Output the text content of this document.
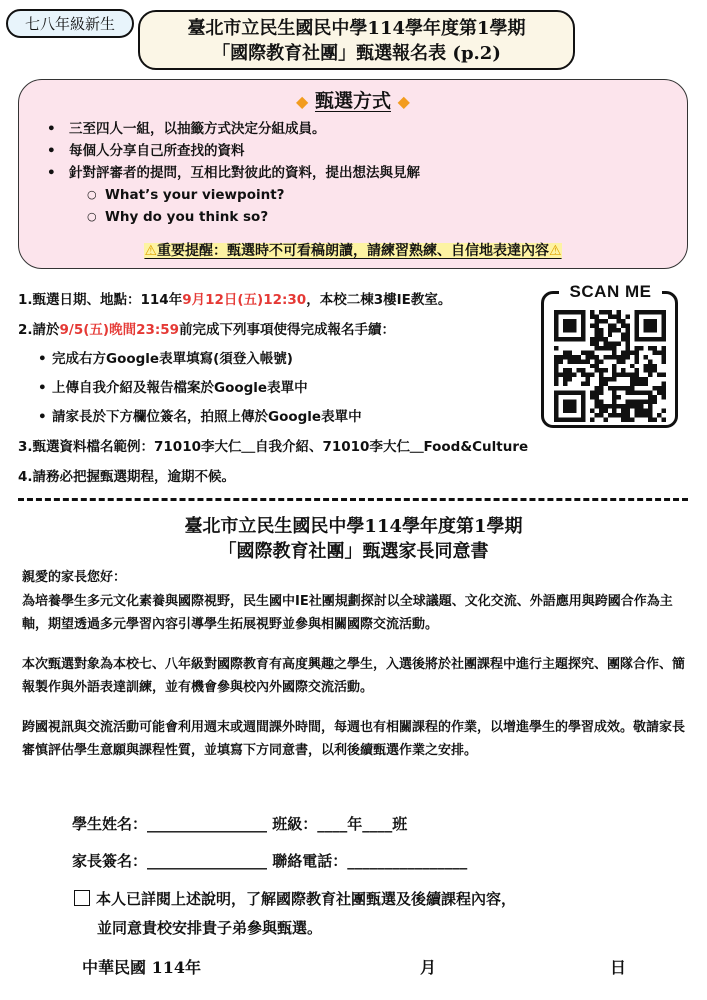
七八年級新生	臺北市立民生國民中學114學年度第1學期
「國際教育社團」甄選報名表 (p.2)
◆ 甄選方式 ◆
• 三至四人一組，以抽籤方式決定分組成員。
• 每個人分享自己所查找的資料
• 針對評審者的提問，互相比對彼此的資料，提出想法與見解
○ What’s your viewpoint?
○ Why do you think so?
⚠重要提醒：甄選時不可看稿朗讀，請練習熟練、自信地表達內容⚠

1.甄選日期、地點：114年9月12日(五)12:30，本校二棟3樓IE教室。

2.請於9/5(五)晚間23:59前完成下列事項使得完成報名手續：

• 完成右方Google表單填寫(須登入帳號)
• 上傳自我介紹及報告檔案於Google表單中
• 請家長於下方欄位簽名，拍照上傳於Google表單中

3.甄選資料檔名範例：71010李大仁＿自我介紹、71010李大仁＿Food&Culture

4.請務必把握甄選期程，逾期不候。

SCAN ME
臺北市立民生國民中學114學年度第1學期
「國際教育社團」甄選家長同意書

親愛的家長您好：

為培養學生多元文化素養與國際視野，民生國中IE社團規劃探討以全球議題、文化交流、外語應用與跨國合作為主軸，期望透過多元學習內容引導學生拓展視野並參與相關國際交流活動。

本次甄選對象為本校七、八年級對國際教育有高度興趣之學生，入選後將於社團課程中進行主題探究、團隊合作、簡報製作與外語表達訓練，並有機會參與校內外國際交流活動。

跨國視訊與交流活動可能會利用週末或週間課外時間，每週也有相關課程的作業，以增進學生的學習成效。敬請家長審慎評估學生意願與課程性質，並填寫下方同意書，以利後續甄選作業之安排。

學生姓名：________________ 班級：____年____班
家長簽名：________________ 聯絡電話：________________
本人已詳閱上述說明，了解國際教育社團甄選及後續課程內容，
並同意貴校安排貴子弟參與甄選。
中華民國 114年	月	日
